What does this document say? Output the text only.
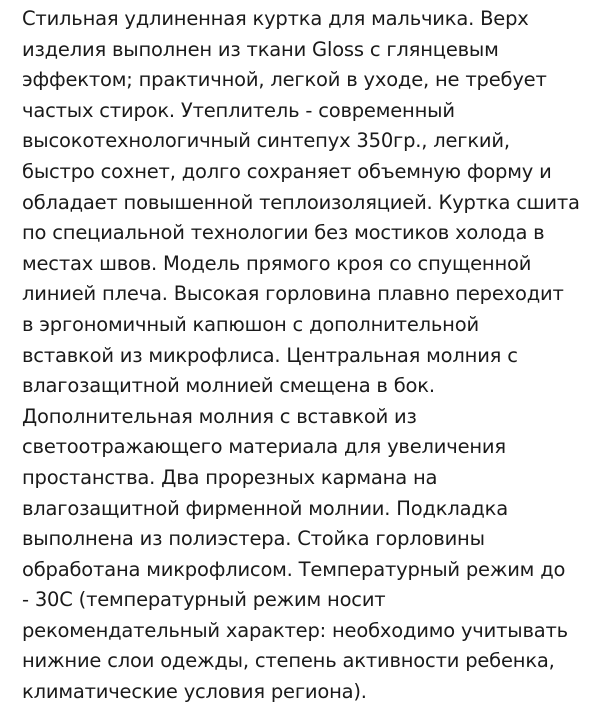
Стильная удлиненная куртка для мальчика. Верх
изделия выполнен из ткани Gloss с глянцевым
эффектом; практичной, легкой в уходе, не требует
частых стирок. Утеплитель - современный
высокотехнологичный синтепух 350гр., легкий,
быстро сохнет, долго сохраняет объемную форму и
обладает повышенной теплоизоляцией. Куртка сшита
по специальной технологии без мостиков холода в
местах швов. Модель прямого кроя со спущенной
линией плеча. Высокая горловина плавно переходит
в эргономичный капюшон с дополнительной
вставкой из микрофлиса. Центральная молния с
влагозащитной молнией смещена в бок.
Дополнительная молния с вставкой из
светоотражающего материала для увеличения
простанства. Два прорезных кармана на
влагозащитной фирменной молнии. Подкладка
выполнена из полиэстера. Стойка горловины
обработана микрофлисом. Температурный режим до
- 30С (температурный режим носит
рекомендательный характер: необходимо учитывать
нижние слои одежды, степень активности ребенка,
климатические условия региона).
